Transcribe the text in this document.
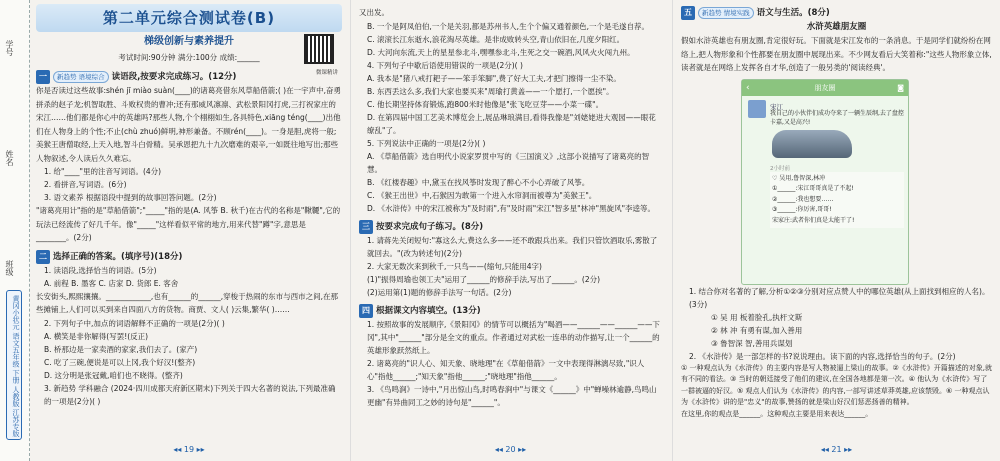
学号
姓名
班级
黄冈小状元 语文五年级 下册 人教版 江苏专版
第二单元综合测试卷(B)
梯级创新与素养提升
考试时间:90分钟 满分:100分 成绩:______
微课精讲
一 新趋势 语境综合 读语段,按要求完成练习。(12分)
你是否读过这些故事:shén jī miào suàn(____)的诸葛亮借东风草船借箭;( )在一宇声中,奋勇拼杀的赵子龙;机智取胜、斗败权贵的曹冲;还有那威风凛凛、武松景阳冈打虎,三打祝家庄的宋江……他们都是你心中的英雄吗?那些人物,个个栩栩如生,各具特色,xiāng téng(____)出他们在人物身上的个性;不止(chù zhuó)鲜明,神形兼备。不顾rén(____)。一身是胆,虎将一般;美猴王唐僧取经,上天入地,智斗白骨精。吴承恩把九十九次磨难的艰辛,一如既往地写出;那些人物叙述,令人读后久久难忘。
1. 给"____"里的注音写词语。(4分)
2. 看拼音,写词语。(6分)
3. 语文素养 根据语段中提到的故事回答问题。(2分)
"诸葛亮用计"指的是"草船借箭";"_____"指的是(A. 风筝 B. 秋千)在古代的名称是"鞦韆",它的玩法已经流传了好几千年。像"_____"这样看似平常的地方,用来代替"蹲"字,意思是________。(2分)
二 选择正确的答案。(填序号)(18分)
1. 读语段,选择恰当的词语。(5分)
A. 前程 B. 墨客 C. 店家 D. 货郎 E. 客舍
长安街头,熙熙攘攘。____________,也有______的______,穿梭于热闹的东市与西市之间,在那些摊铺上,人们可以买到来自四面八方的货物。商贾、文人( )云集,繁华( )……
2. 下列句子中,加点的词语解释不正确的一项是(2分)( )
A. 横笑是非你解得(写罢!(反正)
B. 桥那边是一家卖酒的家家,我们去了。(家产)
C. 吃了三碗,便说是可以上冈,我个好汉!(整齐)
D. 这分明是张冠戴,咱们也不晓得。(整齐)
3. 新趋势 学科融合 (2024·四川成都天府新区期末)下列关于四大名著的说法,下列最准确的一项是(2分)( )
◂◂ 19 ▸▸
又出发。
B. 一个是阿凤伯伯,一个是关羽,都是苏州书人,生个个偏又通着颜色,一个是毛遂自荐。
C. 滚滚长江东逝水,浪花淘尽英雄。是非成败转头空,青山依旧在,几度夕阳红。
D. 大河向东流,天上的星星参北斗,嘿嘿参北斗,生死之交一碗酒,风风火火闯九州。
4. 下列句子中歇后语使用错误的一项是(2分)( )
A. 我本是"猪八戒打耙子——笨手笨脚",费了好大工夫,才把门擦得一尘不染。
B. 东西丢这么多,我们大家也要买来"周瑜打黄盖——一个愿打,一个愿挨"。
C. 他长期坚持体育锻炼,跑800米时他像是"张飞吃豆芽——小菜一碟"。
D. 在第四届中国工艺美术博览会上,展品琳琅满目,看得我像是"刘姥姥进大观园——眼花缭乱"了。
5. 下列说法中正确的一项是(2分)( )
A. 《草船借箭》选自明代小说家罗贯中写的《三国演义》,这部小说描写了诸葛亮的智慧。
B. 《红楼春趣》中,黛玉在找风筝时发现了醉心不小心弄破了风筝。
C. 《猴王出世》中,石猴因为敢第一个进入水帘洞而被尊为"美猴王"。
D. 《水浒传》中的宋江被称为"及时雨",有"及时雨"宋江"智多星"林冲"黑旋风"李逵等。
三 按要求完成句子练习。(8分)
1. 请蒋先关闭短句:"寡这么大,费这么多——还不敢跟兵出来。我们只管饮酒取乐,雾散了就回去。"(改为转述句)(2分)
2. 大家无数次来到秋千,一只鸟——(缩句,只能用4字)
(1)"振得周瑜也领工夫"运用了______的修辞手法,写出了______。(2分)
(2)运用第(1)题的修辞手法写一句话。(2分)
四 根据课文内容填空。(13分)
1. 按照故事的发展顺序,《景阳冈》的情节可以概括为"喝酒——______——______——下冈",其中"______"部分是全文的重点。作者通过对武松一连串的动作描写,让一个______的英雄形象跃然纸上。
2. 诸葛亮的"识人心、知天象、晓地理"在《草船借箭》一文中表现得淋漓尽致,"识人心"指他______;"知天象"指他______;"晓地理"指他______。
3. 《鸟鸣涧》一诗中,"月出惊山鸟,时鸣春涧中"与课文《______》中"蝉噪林逾静,鸟鸣山更幽"有异曲同工之妙的诗句是"______"。
◂◂ 20 ▸▸
五 新趋势 情境实践 语文与生活。(8分)
水浒英雄朋友圈
假如水浒英雄也有朋友圈,肯定很好玩。下面就是宋江发布的一条消息。于是同学们就纷纷在网络上,把人物形象和个性都要在朋友圈中展现出来。不少网友看后大笑着称:"这些人物形象立体,读者就是在网络上发挥各自才华,创造了一般另类的'阅读经典'。
‹	朋友圈	◙
宋江
我自己的小伙伴们成功夺来了一辆生辰纲,去了盘控卡嘉,又是高兴!
2小时前
♡ 吴用,鲁智深,林冲
①______:宋江哥哥真是了不起!
②______:我也想要……
③______:你厉害,哥哥!
宋家庄:武者你们真是太能干了!
1. 结合你对名著的了解,分析①②③分别对应点赞人中的哪位英雄(从上面找到相应的人名)。(3分)
① 吴 用 板着脸孔,执杆文斯
② 林 冲 有勇有谋,加入善用
③ 鲁智深 智,善用兵谋划
2. 《水浒传》是一部怎样的书?说说理由。读下面的内容,选择恰当的句子。(2分)
① 一种观点认为《水浒传》的主要内容是写人物被逼上梁山的故事。②《水浒传》开篇描述的对象,就有不同的看法。③ 当时的朝廷接受了他们的建议,在全国各地都是第一次。④ 他认为《水浒传》写了一群被逼的好汉。⑤ 观点人们认为《水浒传》的内容,一部写讲述草莽英雄,应该禁毁。⑥ 一种观点认为《水浒传》讲的是"忠义"的故事,赞扬的就是梁山好汉们惩恶扬善的精神。
在这里,你的观点是______。这种观点主要是用来表达______。
◂◂ 21 ▸▸
